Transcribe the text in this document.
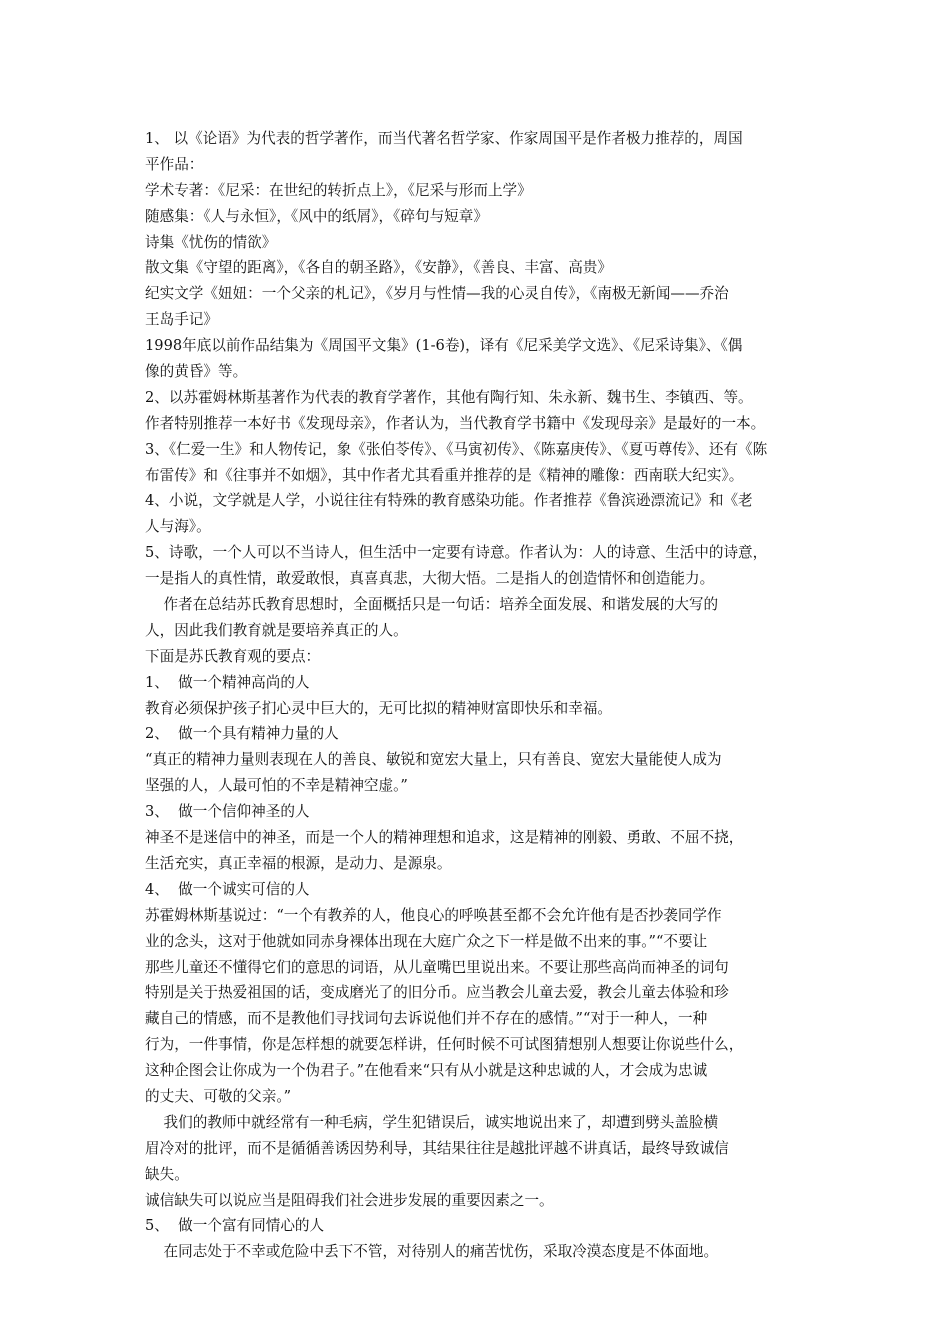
1、 以《论语》为代表的哲学著作，而当代著名哲学家、作家周国平是作者极力推荐的，周国
平作品：
学术专著：《尼采：在世纪的转折点上》，《尼采与形而上学》
随感集：《人与永恒》，《风中的纸屑》，《碎句与短章》
诗集《忧伤的情欲》
散文集《守望的距离》，《各自的朝圣路》，《安静》，《善良、丰富、高贵》
纪实文学《妞妞：一个父亲的札记》，《岁月与性情—我的心灵自传》，《南极无新闻——乔治
王岛手记》
1998年底以前作品结集为《周国平文集》(1-6卷)，译有《尼采美学文选》、《尼采诗集》、《偶
像的黄昏》等。
2、以苏霍姆林斯基著作为代表的教育学著作，其他有陶行知、朱永新、魏书生、李镇西、等。
作者特别推荐一本好书《发现母亲》，作者认为，当代教育学书籍中《发现母亲》是最好的一本。
3、《仁爱一生》和人物传记，象《张伯苓传》、《马寅初传》、《陈嘉庚传》、《夏丏尊传》、还有《陈
布雷传》和《往事并不如烟》，其中作者尤其看重并推荐的是《精神的雕像：西南联大纪实》。
4、小说，文学就是人学，小说往往有特殊的教育感染功能。作者推荐《鲁滨逊漂流记》和《老
人与海》。
5、诗歌，一个人可以不当诗人，但生活中一定要有诗意。作者认为：人的诗意、生活中的诗意，
一是指人的真性情，敢爱敢恨，真喜真悲，大彻大悟。二是指人的创造情怀和创造能力。
作者在总结苏氏教育思想时，全面概括只是一句话：培养全面发展、和谐发展的大写的
人，因此我们教育就是要培养真正的人。
下面是苏氏教育观的要点：
1、  做一个精神高尚的人
教育必须保护孩子扪心灵中巨大的，无可比拟的精神财富即快乐和幸福。
2、  做一个具有精神力量的人
“真正的精神力量则表现在人的善良、敏锐和宽宏大量上，只有善良、宽宏大量能使人成为
坚强的人，人最可怕的不幸是精神空虚。”
3、  做一个信仰神圣的人
神圣不是迷信中的神圣，而是一个人的精神理想和追求，这是精神的刚毅、勇敢、不屈不挠，
生活充实，真正幸福的根源，是动力、是源泉。
4、  做一个诚实可信的人
苏霍姆林斯基说过：“一个有教养的人，他良心的呼唤甚至都不会允许他有是否抄袭同学作
业的念头，这对于他就如同赤身裸体出现在大庭广众之下一样是做不出来的事。”“不要让
那些儿童还不懂得它们的意思的词语，从儿童嘴巴里说出来。不要让那些高尚而神圣的词句
特别是关于热爱祖国的话，变成磨光了的旧分币。应当教会儿童去爱，教会儿童去体验和珍
藏自己的情感，而不是教他们寻找词句去诉说他们并不存在的感情。”“对于一种人，一种
行为，一件事情，你是怎样想的就要怎样讲，任何时候不可试图猜想别人想要让你说些什么，
这种企图会让你成为一个伪君子。”在他看来“只有从小就是这种忠诚的人，才会成为忠诚
的丈夫、可敬的父亲。”
我们的教师中就经常有一种毛病，学生犯错误后，诚实地说出来了，却遭到劈头盖脸横
眉冷对的批评，而不是循循善诱因势利导，其结果往往是越批评越不讲真话，最终导致诚信
缺失。
诚信缺失可以说应当是阻碍我们社会进步发展的重要因素之一。
5、  做一个富有同情心的人
在同志处于不幸或危险中丢下不管，对待别人的痛苦忧伤，采取冷漠态度是不体面地。
